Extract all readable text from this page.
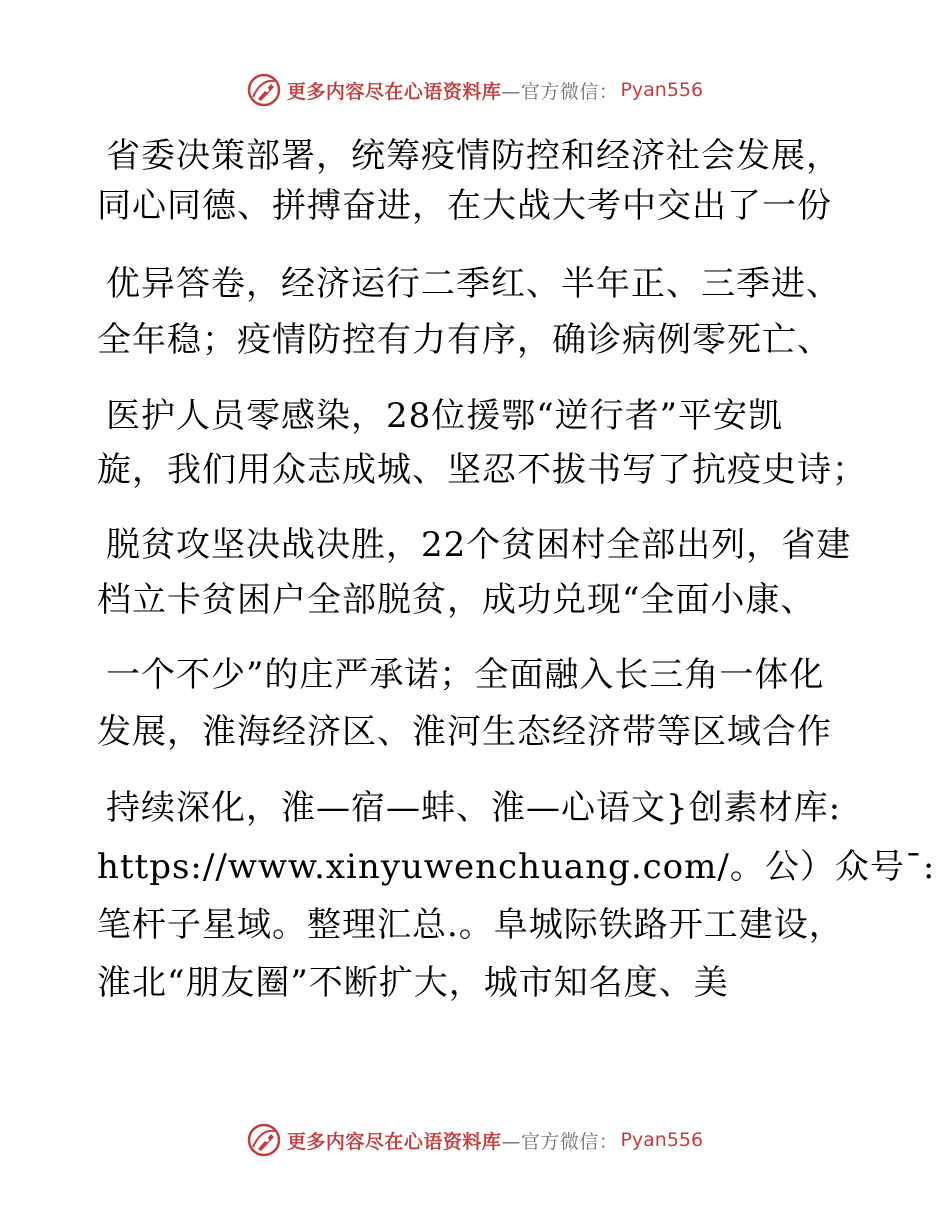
更多内容尽在心语资料库 —官方微信： Pyan556
省委决策部署，统筹疫情防控和经济社会发展，
同心同德、拼搏奋进，在大战大考中交出了一份
优异答卷，经济运行二季红、半年正、三季进、
全年稳；疫情防控有力有序，确诊病例零死亡、
医护人员零感染，28位援鄂“逆行者”平安凯
旋，我们用众志成城、坚忍不拔书写了抗疫史诗；
脱贫攻坚决战决胜，22个贫困村全部出列，省建
档立卡贫困户全部脱贫，成功兑现“全面小康、
一个不少”的庄严承诺；全面融入长三角一体化
发展，淮海经济区、淮河生态经济带等区域合作
持续深化，淮—宿—蚌、淮—心语文}创素材库:
https://www.xinyuwenchuang.com/。公）众号¯:
笔杆子星域。整理汇总.。阜城际铁路开工建设，
淮北“朋友圈”不断扩大，城市知名度、美
更多内容尽在心语资料库 —官方微信： Pyan556
